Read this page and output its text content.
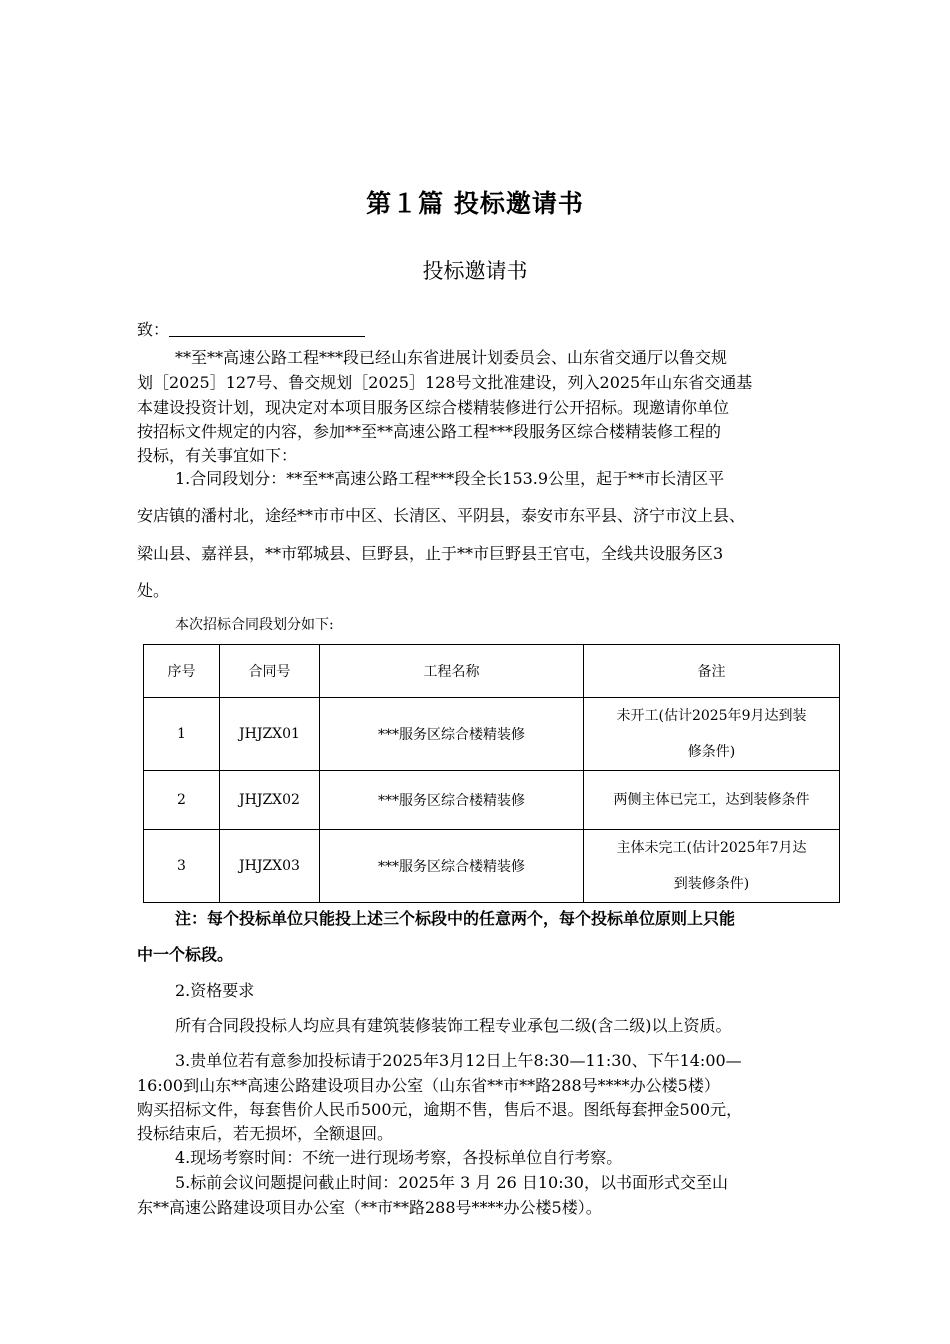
第１篇 投标邀请书
投标邀请书
致：
**至**高速公路工程***段已经山东省进展计划委员会、山东省交通厅以鲁交规
划［2025］127号、鲁交规划［2025］128号文批准建设，列入2025年山东省交通基
本建设投资计划，现决定对本项目服务区综合楼精装修进行公开招标。现邀请你单位
按招标文件规定的内容，参加**至**高速公路工程***段服务区综合楼精装修工程的
投标，有关事宜如下：
1.合同段划分：**至**高速公路工程***段全长153.9公里，起于**市长清区平
安店镇的潘村北，途经**市市中区、长清区、平阴县，泰安市东平县、济宁市汶上县、
梁山县、嘉祥县，**市郓城县、巨野县，止于**市巨野县王官屯，全线共设服务区3
处。
本次招标合同段划分如下:
序号	合同号	工程名称	备注
1	JHJZX01	***服务区综合楼精装修	未开工(估计2025年9月达到装
修条件)
2	JHJZX02	***服务区综合楼精装修	两侧主体已完工，达到装修条件
3	JHJZX03	***服务区综合楼精装修	主体未完工(估计2025年7月达
到装修条件)
注：每个投标单位只能投上述三个标段中的任意两个，每个投标单位原则上只能
中一个标段。
2.资格要求
所有合同段投标人均应具有建筑装修装饰工程专业承包二级(含二级)以上资质。
3.贵单位若有意参加投标请于2025年3月12日上午8:30—11:30、下午14:00—
16:00到山东**高速公路建设项目办公室（山东省**市**路288号****办公楼5楼）
购买招标文件，每套售价人民币500元，逾期不售，售后不退。图纸每套押金500元，
投标结束后，若无损坏，全额退回。
4.现场考察时间：不统一进行现场考察，各投标单位自行考察。
5.标前会议问题提问截止时间：2025年 3 月 26 日10:30，以书面形式交至山
东**高速公路建设项目办公室（**市**路288号****办公楼5楼）。
